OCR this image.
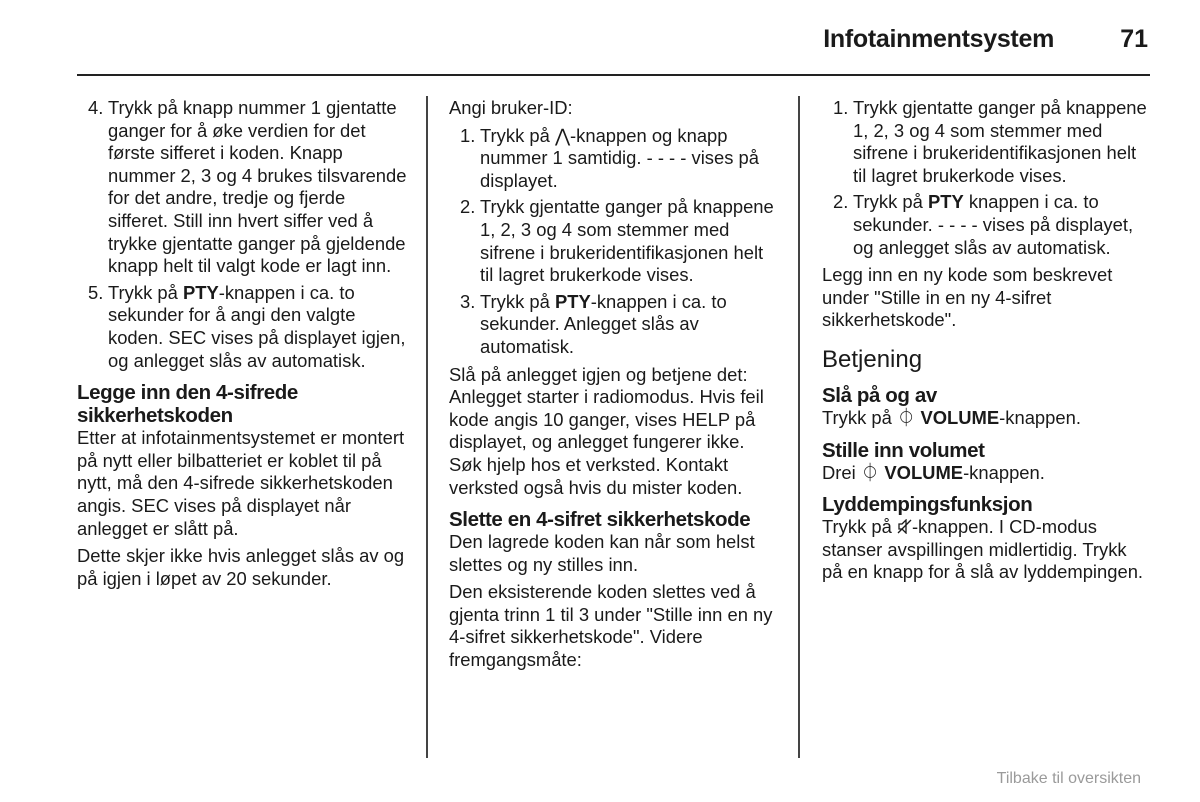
Infotainmentsystem	71
4. Trykk på knapp nummer 1 gjentatte ganger for å øke verdien for det første sifferet i koden. Knapp nummer 2, 3 og 4 brukes tilsvarende for det andre, tredje og fjerde sifferet. Still inn hvert siffer ved å trykke gjentatte ganger på gjeldende knapp helt til valgt kode er lagt inn.
5. Trykk på PTY-knappen i ca. to sekunder for å angi den valgte koden. SEC vises på displayet igjen, og anlegget slås av automatisk.
Legge inn den 4-sifrede sikkerhetskoden

Etter at infotainmentsystemet er montert på nytt eller bilbatteriet er koblet til på nytt, må den 4-sifrede sikkerhetskoden angis. SEC vises på displayet når anlegget er slått på.

Dette skjer ikke hvis anlegget slås av og på igjen i løpet av 20 sekunder.

Angi bruker-ID:

1. Trykk på ⋀-knappen og knapp nummer 1 samtidig. - - - - vises på displayet.
2. Trykk gjentatte ganger på knappene 1, 2, 3 og 4 som stemmer med sifrene i brukeridentifikasjonen helt til lagret brukerkode vises.
3. Trykk på PTY-knappen i ca. to sekunder. Anlegget slås av automatisk.

Slå på anlegget igjen og betjene det: Anlegget starter i radiomodus. Hvis feil kode angis 10 ganger, vises HELP på displayet, og anlegget fungerer ikke. Søk hjelp hos et verksted. Kontakt verksted også hvis du mister koden.

Slette en 4-sifret sikkerhetskode

Den lagrede koden kan når som helst slettes og ny stilles inn.

Den eksisterende koden slettes ved å gjenta trinn 1 til 3 under "Stille inn en ny 4-sifret sikkerhetskode". Videre fremgangsmåte:

1. Trykk gjentatte ganger på knappene 1, 2, 3 og 4 som stemmer med sifrene i brukeridentifikasjonen helt til lagret brukerkode vises.
2. Trykk på PTY knappen i ca. to sekunder. - - - - vises på displayet, og anlegget slås av automatisk.

Legg inn en ny kode som beskrevet under "Stille in en ny 4-sifret sikkerhetskode".

Betjening
Slå på og av

Trykk på ⏀ VOLUME-knappen.

Stille inn volumet

Drei ⏀ VOLUME-knappen.

Lyddempingsfunksjon

Trykk på -knappen. I CD-modus stanser avspillingen midlertidig. Trykk på en knapp for å slå av lyddempingen.

Tilbake til oversikten
